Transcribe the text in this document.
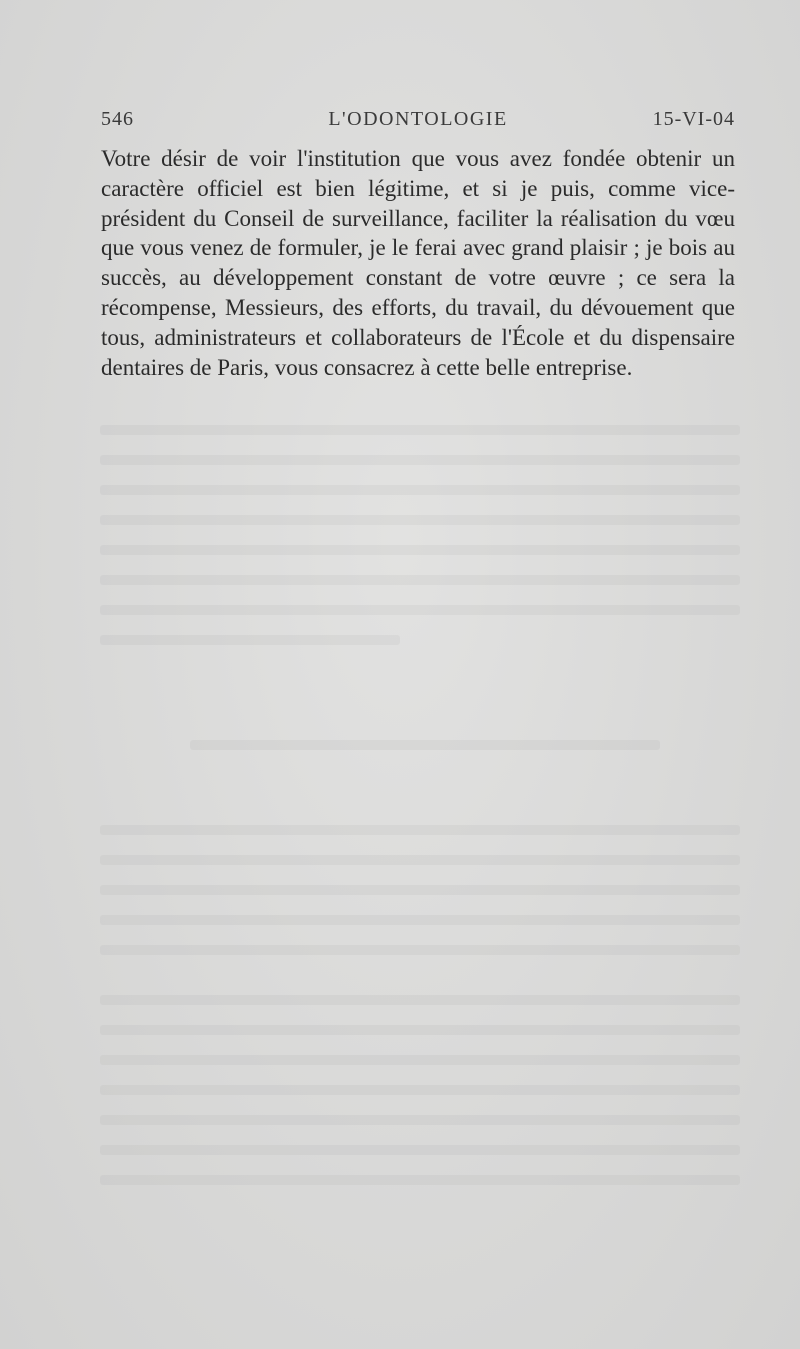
546	L'ODONTOLOGIE	15-VI-04

Votre désir de voir l'institution que vous avez fondée obtenir un caractère officiel est bien légitime, et si je puis, comme vice-président du Conseil de surveillance, faciliter la réalisation du vœu que vous venez de formuler, je le ferai avec grand plaisir ; je bois au succès, au développement constant de votre œuvre ; ce sera la récompense, Messieurs, des efforts, du travail, du dévouement que tous, administrateurs et collaborateurs de l'École et du dispensaire dentaires de Paris, vous consacrez à cette belle entreprise.
